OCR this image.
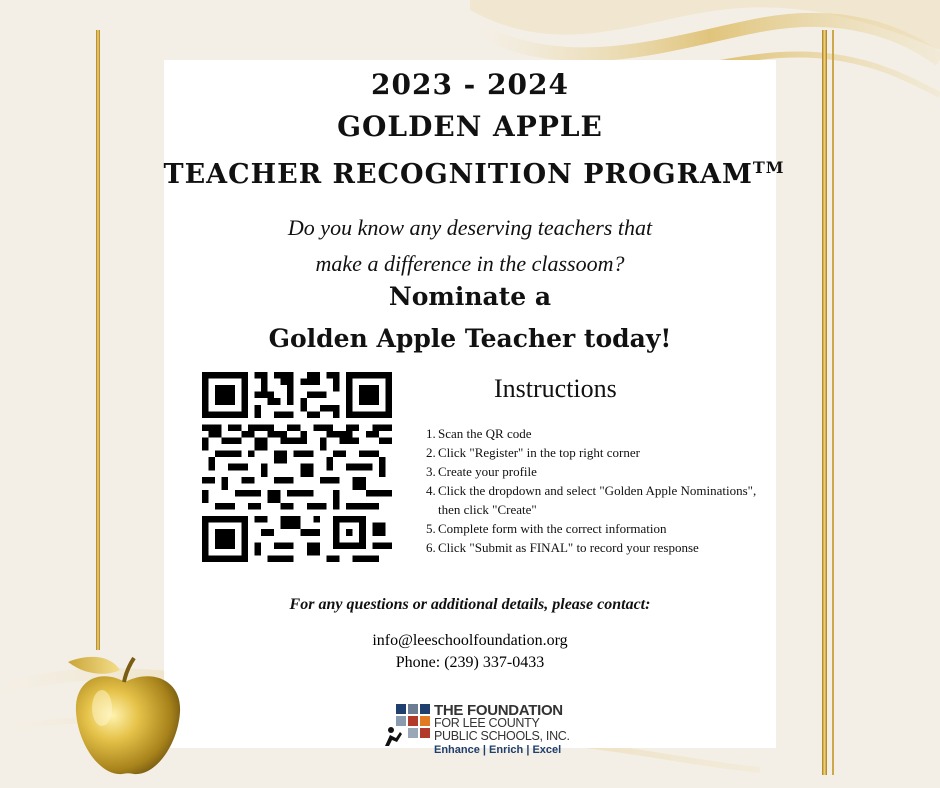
2023 - 2024
GOLDEN APPLE
TEACHER RECOGNITION PROGRAM™
Do you know any deserving teachers that
make a difference in the classoom?
Nominate a
Golden Apple Teacher today!
Instructions
1. Scan the QR code
2. Click "Register" in the top right corner
3. Create your profile
4. Click the dropdown and select "Golden Apple Nominations", then click "Create"
5. Complete form with the correct information
6. Click "Submit as FINAL" to record your response
For any questions or additional details, please contact:
info@leeschoolfoundation.org
Phone: (239) 337-0433
THE FOUNDATION
FOR LEE COUNTY
PUBLIC SCHOOLS, INC.
Enhance | Enrich | Excel
